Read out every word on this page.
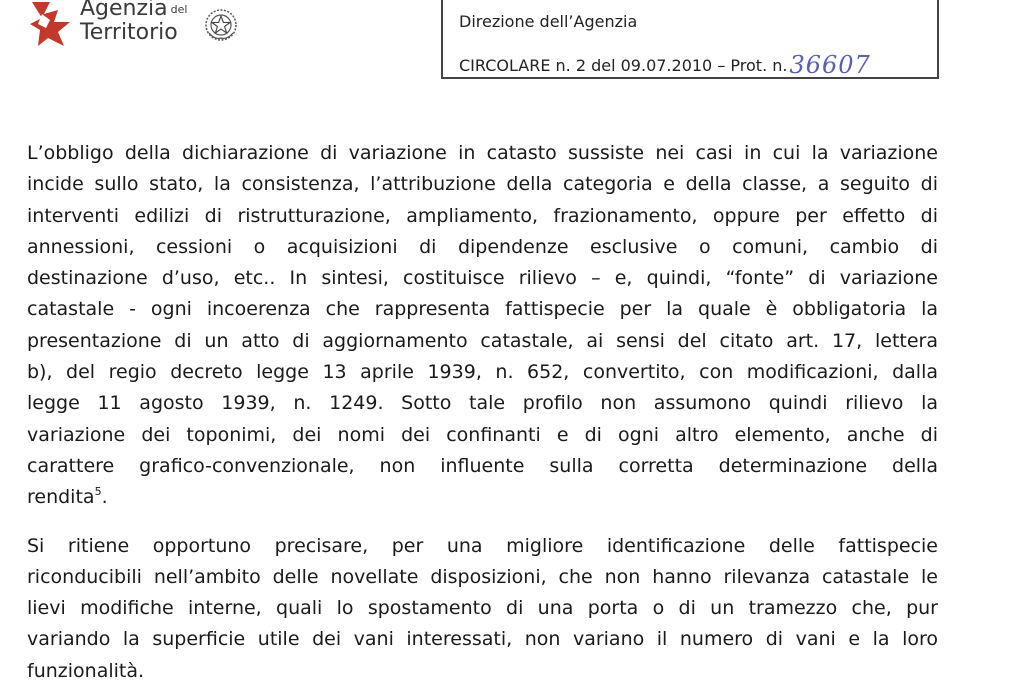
Agenzia del
Territorio	Direzione dell’Agenzia
CIRCOLARE n. 2 del 09.07.2010 – Prot. n.36607

L’obbligo della dichiarazione di variazione in catasto sussiste nei casi in cui la variazione
incide sullo stato, la consistenza, l’attribuzione della categoria e della classe, a seguito di
interventi edilizi di ristrutturazione, ampliamento, frazionamento, oppure per effetto di
annessioni, cessioni o acquisizioni di dipendenze esclusive o comuni, cambio di
destinazione d’uso, etc.. In sintesi, costituisce rilievo – e, quindi, “fonte” di variazione
catastale - ogni incoerenza che rappresenta fattispecie per la quale è obbligatoria la
presentazione di un atto di aggiornamento catastale, ai sensi del citato art. 17, lettera
b), del regio decreto legge 13 aprile 1939, n. 652, convertito, con modificazioni, dalla
legge 11 agosto 1939, n. 1249. Sotto tale profilo non assumono quindi rilievo la
variazione dei toponimi, dei nomi dei confinanti e di ogni altro elemento, anche di
carattere grafico-convenzionale, non influente sulla corretta determinazione della
rendita$^5$.

Si ritiene opportuno precisare, per una migliore identificazione delle fattispecie
riconducibili nell’ambito delle novellate disposizioni, che non hanno rilevanza catastale le
lievi modifiche interne, quali lo spostamento di una porta o di un tramezzo che, pur
variando la superficie utile dei vani interessati, non variano il numero di vani e la loro
funzionalità.
